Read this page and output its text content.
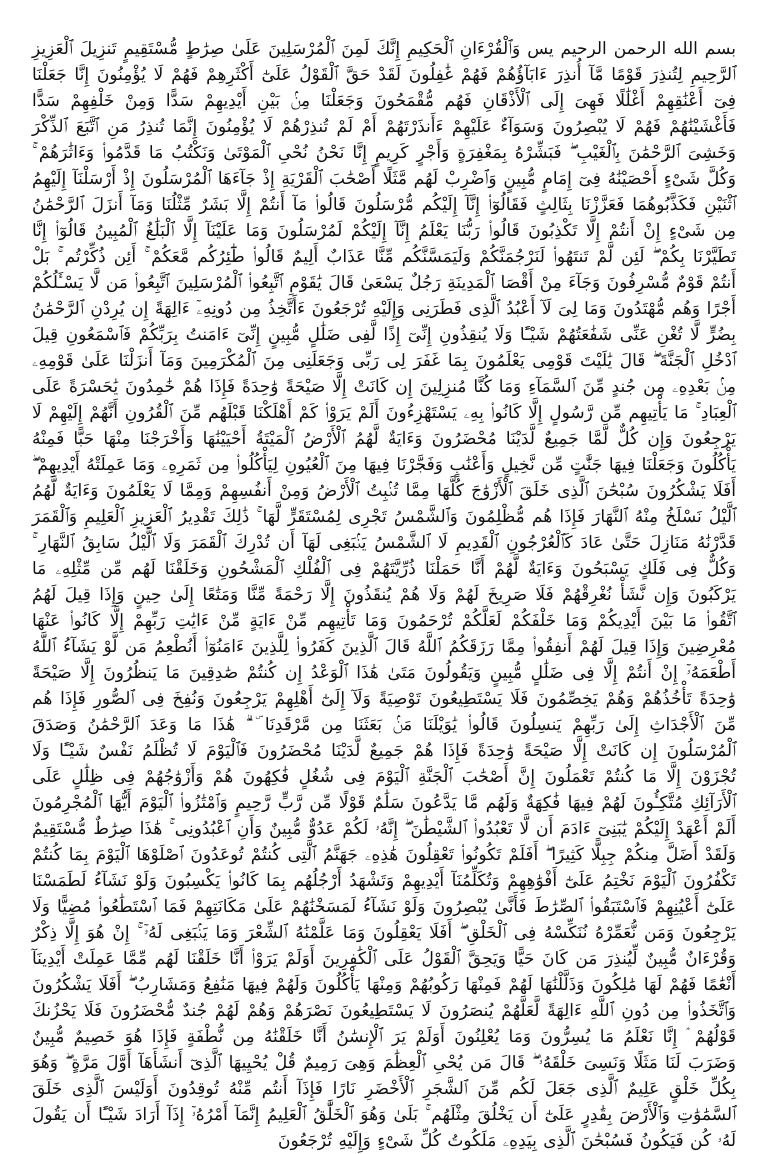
بسم الله الرحمن الرحيم يس وَٱلْقُرْءَانِ ٱلْحَكِيمِ إِنَّكَ لَمِنَ ٱلْمُرْسَلِينَ عَلَىٰ صِرَٰطٍ مُّسْتَقِيمٍ تَنزِيلَ ٱلْعَزِيزِ ٱلرَّحِيمِ لِتُنذِرَ قَوْمًا مَّآ أُنذِرَ ءَابَآؤُهُمْ فَهُمْ غَٰفِلُونَ لَقَدْ حَقَّ ٱلْقَوْلُ عَلَىٰٓ أَكْثَرِهِمْ فَهُمْ لَا يُؤْمِنُونَ إِنَّا جَعَلْنَا فِىٓ أَعْنَٰقِهِمْ أَغْلَٰلًا فَهِىَ إِلَى ٱلْأَذْقَانِ فَهُم مُّقْمَحُونَ وَجَعَلْنَا مِنۢ بَيْنِ أَيْدِيهِمْ سَدًّا وَمِنْ خَلْفِهِمْ سَدًّا فَأَغْشَيْنَٰهُمْ فَهُمْ لَا يُبْصِرُونَ وَسَوَآءٌ عَلَيْهِمْ ءَأَنذَرْتَهُمْ أَمْ لَمْ تُنذِرْهُمْ لَا يُؤْمِنُونَ إِنَّمَا تُنذِرُ مَنِ ٱتَّبَعَ ٱلذِّكْرَ وَخَشِىَ ٱلرَّحْمَٰنَ بِٱلْغَيْبِ ۖ فَبَشِّرْهُ بِمَغْفِرَةٍ وَأَجْرٍ كَرِيمٍ إِنَّا نَحْنُ نُحْىِ ٱلْمَوْتَىٰ وَنَكْتُبُ مَا قَدَّمُوا۟ وَءَاثَٰرَهُمْ ۚ وَكُلَّ شَىْءٍ أَحْصَيْنَٰهُ فِىٓ إِمَامٍ مُّبِينٍ وَٱضْرِبْ لَهُم مَّثَلًا أَصْحَٰبَ ٱلْقَرْيَةِ إِذْ جَآءَهَا ٱلْمُرْسَلُونَ إِذْ أَرْسَلْنَآ إِلَيْهِمُ ٱثْنَيْنِ فَكَذَّبُوهُمَا فَعَزَّزْنَا بِثَالِثٍ فَقَالُوٓا۟ إِنَّآ إِلَيْكُم مُّرْسَلُونَ قَالُوا۟ مَآ أَنتُمْ إِلَّا بَشَرٌ مِّثْلُنَا وَمَآ أَنزَلَ ٱلرَّحْمَٰنُ مِن شَىْءٍ إِنْ أَنتُمْ إِلَّا تَكْذِبُونَ قَالُوا۟ رَبُّنَا يَعْلَمُ إِنَّآ إِلَيْكُمْ لَمُرْسَلُونَ وَمَا عَلَيْنَآ إِلَّا ٱلْبَلَٰغُ ٱلْمُبِينُ قَالُوٓا۟ إِنَّا تَطَيَّرْنَا بِكُمْ ۖ لَئِن لَّمْ تَنتَهُوا۟ لَنَرْجُمَنَّكُمْ وَلَيَمَسَّنَّكُم مِّنَّا عَذَابٌ أَلِيمٌ قَالُوا۟ طَٰٓئِرُكُم مَّعَكُمْ ۚ أَئِن ذُكِّرْتُم ۚ بَلْ أَنتُمْ قَوْمٌ مُّسْرِفُونَ وَجَآءَ مِنْ أَقْصَا ٱلْمَدِينَةِ رَجُلٌ يَسْعَىٰ قَالَ يَٰقَوْمِ ٱتَّبِعُوا۟ ٱلْمُرْسَلِينَ ٱتَّبِعُوا۟ مَن لَّا يَسْـَٔلُكُمْ أَجْرًا وَهُم مُّهْتَدُونَ وَمَا لِىَ لَآ أَعْبُدُ ٱلَّذِى فَطَرَنِى وَإِلَيْهِ تُرْجَعُونَ ءَأَتَّخِذُ مِن دُونِهِۦٓ ءَالِهَةً إِن يُرِدْنِ ٱلرَّحْمَٰنُ بِضُرٍّ لَّا تُغْنِ عَنِّى شَفَٰعَتُهُمْ شَيْـًٔا وَلَا يُنقِذُونِ إِنِّىٓ إِذًا لَّفِى ضَلَٰلٍ مُّبِينٍ إِنِّىٓ ءَامَنتُ بِرَبِّكُمْ فَٱسْمَعُونِ قِيلَ ٱدْخُلِ ٱلْجَنَّةَ ۖ قَالَ يَٰلَيْتَ قَوْمِى يَعْلَمُونَ بِمَا غَفَرَ لِى رَبِّى وَجَعَلَنِى مِنَ ٱلْمُكْرَمِينَ وَمَآ أَنزَلْنَا عَلَىٰ قَوْمِهِۦ مِنۢ بَعْدِهِۦ مِن جُندٍ مِّنَ ٱلسَّمَآءِ وَمَا كُنَّا مُنزِلِينَ إِن كَانَتْ إِلَّا صَيْحَةً وَٰحِدَةً فَإِذَا هُمْ خَٰمِدُونَ يَٰحَسْرَةً عَلَى ٱلْعِبَادِ ۚ مَا يَأْتِيهِم مِّن رَّسُولٍ إِلَّا كَانُوا۟ بِهِۦ يَسْتَهْزِءُونَ أَلَمْ يَرَوْا۟ كَمْ أَهْلَكْنَا قَبْلَهُم مِّنَ ٱلْقُرُونِ أَنَّهُمْ إِلَيْهِمْ لَا يَرْجِعُونَ وَإِن كُلٌّ لَّمَّا جَمِيعٌ لَّدَيْنَا مُحْضَرُونَ وَءَايَةٌ لَّهُمُ ٱلْأَرْضُ ٱلْمَيْتَةُ أَحْيَيْنَٰهَا وَأَخْرَجْنَا مِنْهَا حَبًّا فَمِنْهُ يَأْكُلُونَ وَجَعَلْنَا فِيهَا جَنَّٰتٍ مِّن نَّخِيلٍ وَأَعْنَٰبٍ وَفَجَّرْنَا فِيهَا مِنَ ٱلْعُيُونِ لِيَأْكُلُوا۟ مِن ثَمَرِهِۦ وَمَا عَمِلَتْهُ أَيْدِيهِمْ ۖ أَفَلَا يَشْكُرُونَ سُبْحَٰنَ ٱلَّذِى خَلَقَ ٱلْأَزْوَٰجَ كُلَّهَا مِمَّا تُنۢبِتُ ٱلْأَرْضُ وَمِنْ أَنفُسِهِمْ وَمِمَّا لَا يَعْلَمُونَ وَءَايَةٌ لَّهُمُ ٱلَّيْلُ نَسْلَخُ مِنْهُ ٱلنَّهَارَ فَإِذَا هُم مُّظْلِمُونَ وَٱلشَّمْسُ تَجْرِى لِمُسْتَقَرٍّ لَّهَا ۚ ذَٰلِكَ تَقْدِيرُ ٱلْعَزِيزِ ٱلْعَلِيمِ وَٱلْقَمَرَ قَدَّرْنَٰهُ مَنَازِلَ حَتَّىٰ عَادَ كَٱلْعُرْجُونِ ٱلْقَدِيمِ لَا ٱلشَّمْسُ يَنۢبَغِى لَهَآ أَن تُدْرِكَ ٱلْقَمَرَ وَلَا ٱلَّيْلُ سَابِقُ ٱلنَّهَارِ ۚ وَكُلٌّ فِى فَلَكٍ يَسْبَحُونَ وَءَايَةٌ لَّهُمْ أَنَّا حَمَلْنَا ذُرِّيَّتَهُمْ فِى ٱلْفُلْكِ ٱلْمَشْحُونِ وَخَلَقْنَا لَهُم مِّن مِّثْلِهِۦ مَا يَرْكَبُونَ وَإِن نَّشَأْ نُغْرِقْهُمْ فَلَا صَرِيخَ لَهُمْ وَلَا هُمْ يُنقَذُونَ إِلَّا رَحْمَةً مِّنَّا وَمَتَٰعًا إِلَىٰ حِينٍ وَإِذَا قِيلَ لَهُمُ ٱتَّقُوا۟ مَا بَيْنَ أَيْدِيكُمْ وَمَا خَلْفَكُمْ لَعَلَّكُمْ تُرْحَمُونَ وَمَا تَأْتِيهِم مِّنْ ءَايَةٍ مِّنْ ءَايَٰتِ رَبِّهِمْ إِلَّا كَانُوا۟ عَنْهَا مُعْرِضِينَ وَإِذَا قِيلَ لَهُمْ أَنفِقُوا۟ مِمَّا رَزَقَكُمُ ٱللَّهُ قَالَ ٱلَّذِينَ كَفَرُوا۟ لِلَّذِينَ ءَامَنُوٓا۟ أَنُطْعِمُ مَن لَّوْ يَشَآءُ ٱللَّهُ أَطْعَمَهُۥٓ إِنْ أَنتُمْ إِلَّا فِى ضَلَٰلٍ مُّبِينٍ وَيَقُولُونَ مَتَىٰ هَٰذَا ٱلْوَعْدُ إِن كُنتُمْ صَٰدِقِينَ مَا يَنظُرُونَ إِلَّا صَيْحَةً وَٰحِدَةً تَأْخُذُهُمْ وَهُمْ يَخِصِّمُونَ فَلَا يَسْتَطِيعُونَ تَوْصِيَةً وَلَآ إِلَىٰٓ أَهْلِهِمْ يَرْجِعُونَ وَنُفِخَ فِى ٱلصُّورِ فَإِذَا هُم مِّنَ ٱلْأَجْدَاثِ إِلَىٰ رَبِّهِمْ يَنسِلُونَ قَالُوا۟ يَٰوَيْلَنَا مَنۢ بَعَثَنَا مِن مَّرْقَدِنَا ۜ ۗ هَٰذَا مَا وَعَدَ ٱلرَّحْمَٰنُ وَصَدَقَ ٱلْمُرْسَلُونَ إِن كَانَتْ إِلَّا صَيْحَةً وَٰحِدَةً فَإِذَا هُمْ جَمِيعٌ لَّدَيْنَا مُحْضَرُونَ فَٱلْيَوْمَ لَا تُظْلَمُ نَفْسٌ شَيْـًٔا وَلَا تُجْزَوْنَ إِلَّا مَا كُنتُمْ تَعْمَلُونَ إِنَّ أَصْحَٰبَ ٱلْجَنَّةِ ٱلْيَوْمَ فِى شُغُلٍ فَٰكِهُونَ هُمْ وَأَزْوَٰجُهُمْ فِى ظِلَٰلٍ عَلَى ٱلْأَرَآئِكِ مُتَّكِـُٔونَ لَهُمْ فِيهَا فَٰكِهَةٌ وَلَهُم مَّا يَدَّعُونَ سَلَٰمٌ قَوْلًا مِّن رَّبٍّ رَّحِيمٍ وَٱمْتَٰزُوا۟ ٱلْيَوْمَ أَيُّهَا ٱلْمُجْرِمُونَ أَلَمْ أَعْهَدْ إِلَيْكُمْ يَٰبَنِىٓ ءَادَمَ أَن لَّا تَعْبُدُوا۟ ٱلشَّيْطَٰنَ ۖ إِنَّهُۥ لَكُمْ عَدُوٌّ مُّبِينٌ وَأَنِ ٱعْبُدُونِى ۚ هَٰذَا صِرَٰطٌ مُّسْتَقِيمٌ وَلَقَدْ أَضَلَّ مِنكُمْ جِبِلًّا كَثِيرًا ۖ أَفَلَمْ تَكُونُوا۟ تَعْقِلُونَ هَٰذِهِۦ جَهَنَّمُ ٱلَّتِى كُنتُمْ تُوعَدُونَ ٱصْلَوْهَا ٱلْيَوْمَ بِمَا كُنتُمْ تَكْفُرُونَ ٱلْيَوْمَ نَخْتِمُ عَلَىٰٓ أَفْوَٰهِهِمْ وَتُكَلِّمُنَآ أَيْدِيهِمْ وَتَشْهَدُ أَرْجُلُهُم بِمَا كَانُوا۟ يَكْسِبُونَ وَلَوْ نَشَآءُ لَطَمَسْنَا عَلَىٰٓ أَعْيُنِهِمْ فَٱسْتَبَقُوا۟ ٱلصِّرَٰطَ فَأَنَّىٰ يُبْصِرُونَ وَلَوْ نَشَآءُ لَمَسَخْنَٰهُمْ عَلَىٰ مَكَانَتِهِمْ فَمَا ٱسْتَطَٰعُوا۟ مُضِيًّا وَلَا يَرْجِعُونَ وَمَن نُّعَمِّرْهُ نُنَكِّسْهُ فِى ٱلْخَلْقِ ۖ أَفَلَا يَعْقِلُونَ وَمَا عَلَّمْنَٰهُ ٱلشِّعْرَ وَمَا يَنۢبَغِى لَهُۥٓ ۚ إِنْ هُوَ إِلَّا ذِكْرٌ وَقُرْءَانٌ مُّبِينٌ لِّيُنذِرَ مَن كَانَ حَيًّا وَيَحِقَّ ٱلْقَوْلُ عَلَى ٱلْكَٰفِرِينَ أَوَلَمْ يَرَوْا۟ أَنَّا خَلَقْنَا لَهُم مِّمَّا عَمِلَتْ أَيْدِينَآ أَنْعَٰمًا فَهُمْ لَهَا مَٰلِكُونَ وَذَلَّلْنَٰهَا لَهُمْ فَمِنْهَا رَكُوبُهُمْ وَمِنْهَا يَأْكُلُونَ وَلَهُمْ فِيهَا مَنَٰفِعُ وَمَشَارِبُ ۖ أَفَلَا يَشْكُرُونَ وَٱتَّخَذُوا۟ مِن دُونِ ٱللَّهِ ءَالِهَةً لَّعَلَّهُمْ يُنصَرُونَ لَا يَسْتَطِيعُونَ نَصْرَهُمْ وَهُمْ لَهُمْ جُندٌ مُّحْضَرُونَ فَلَا يَحْزُنكَ قَوْلُهُمْ ۘ إِنَّا نَعْلَمُ مَا يُسِرُّونَ وَمَا يُعْلِنُونَ أَوَلَمْ يَرَ ٱلْإِنسَٰنُ أَنَّا خَلَقْنَٰهُ مِن نُّطْفَةٍ فَإِذَا هُوَ خَصِيمٌ مُّبِينٌ وَضَرَبَ لَنَا مَثَلًا وَنَسِىَ خَلْقَهُۥ ۖ قَالَ مَن يُحْىِ ٱلْعِظَٰمَ وَهِىَ رَمِيمٌ قُلْ يُحْيِيهَا ٱلَّذِىٓ أَنشَأَهَآ أَوَّلَ مَرَّةٍ ۖ وَهُوَ بِكُلِّ خَلْقٍ عَلِيمٌ ٱلَّذِى جَعَلَ لَكُم مِّنَ ٱلشَّجَرِ ٱلْأَخْضَرِ نَارًا فَإِذَآ أَنتُم مِّنْهُ تُوقِدُونَ أَوَلَيْسَ ٱلَّذِى خَلَقَ ٱلسَّمَٰوَٰتِ وَٱلْأَرْضَ بِقَٰدِرٍ عَلَىٰٓ أَن يَخْلُقَ مِثْلَهُم ۚ بَلَىٰ وَهُوَ ٱلْخَلَّٰقُ ٱلْعَلِيمُ إِنَّمَآ أَمْرُهُۥٓ إِذَآ أَرَادَ شَيْـًٔا أَن يَقُولَ لَهُۥ كُن فَيَكُونُ فَسُبْحَٰنَ ٱلَّذِى بِيَدِهِۦ مَلَكُوتُ كُلِّ شَىْءٍ وَإِلَيْهِ تُرْجَعُونَ
